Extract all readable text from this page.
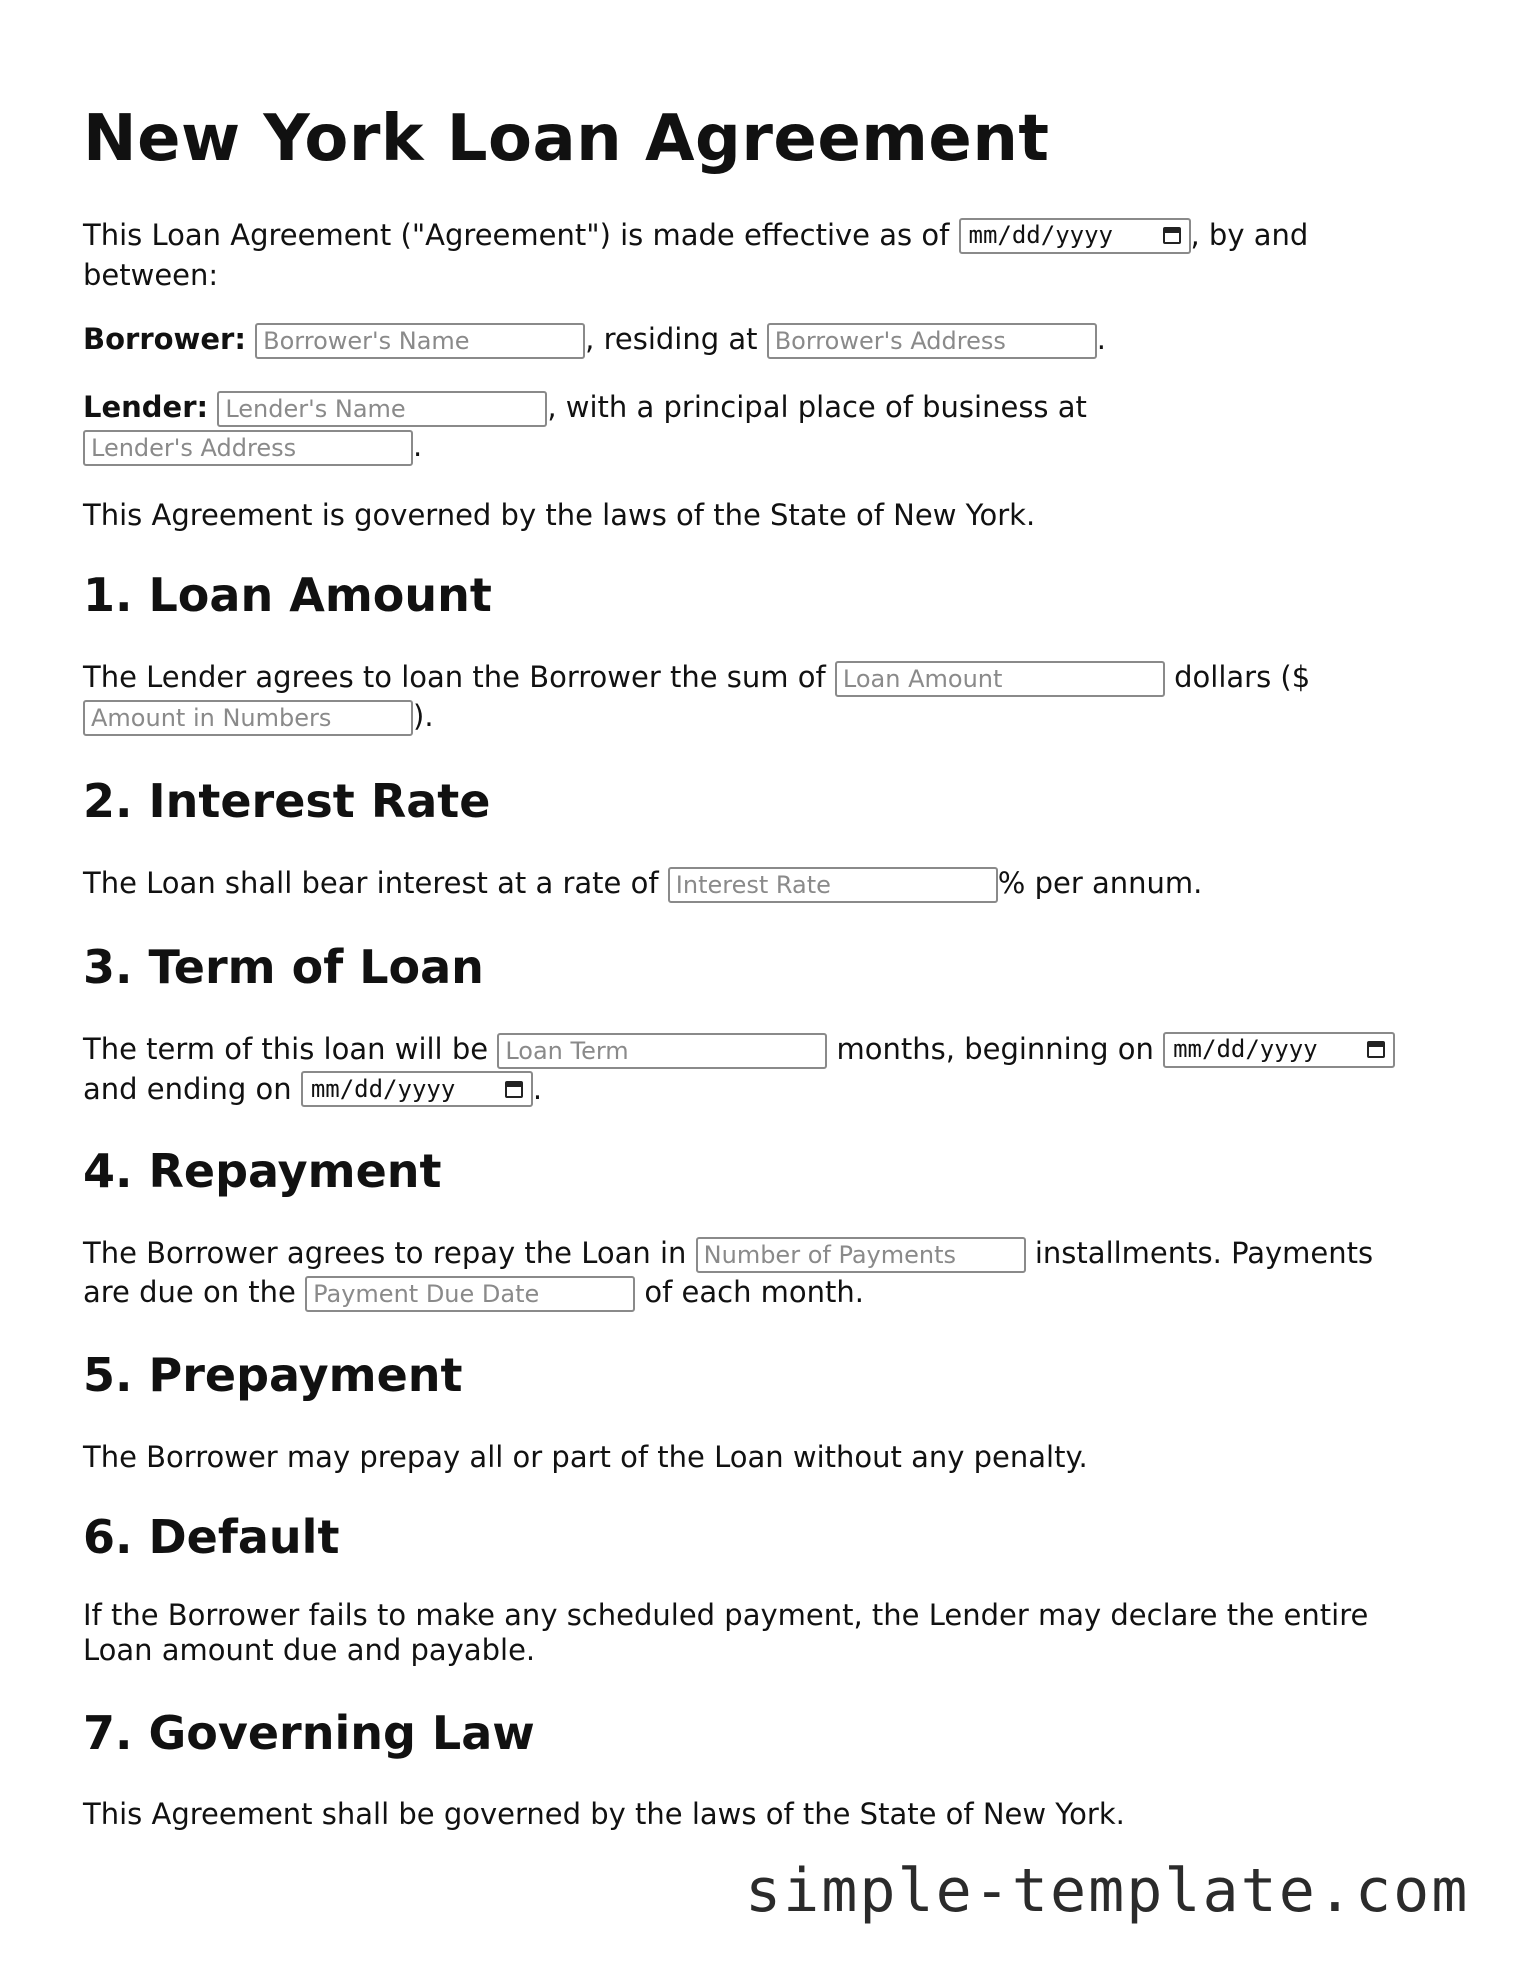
New York Loan Agreement

This Loan Agreement ("Agreement") is made effective as of mm/dd/yyyy	, by and between:

Borrower: Borrower's Name	, residing at Borrower's Address	.

Lender: Lender's Name	, with a principal place of business at
Lender's Address.

This Agreement is governed by the laws of the State of New York.

1. Loan Amount

The Lender agrees to loan the Borrower the sum of Loan Amount	dollars ($
Amount in Numbers).

2. Interest Rate

The Loan shall bear interest at a rate of Interest Rate	% per annum.

3. Term of Loan

The term of this loan will be Loan Term	months, beginning on mm/dd/yyyy

and ending on mm/dd/yyyy	.

4. Repayment

The Borrower agrees to repay the Loan in Number of Payments	installments. Payments are due on the Payment Due Date	of each month.

5. Prepayment

The Borrower may prepay all or part of the Loan without any penalty.

6. Default

If the Borrower fails to make any scheduled payment, the Lender may declare the entire Loan amount due and payable.

7. Governing Law

This Agreement shall be governed by the laws of the State of New York.

simple-template.com
